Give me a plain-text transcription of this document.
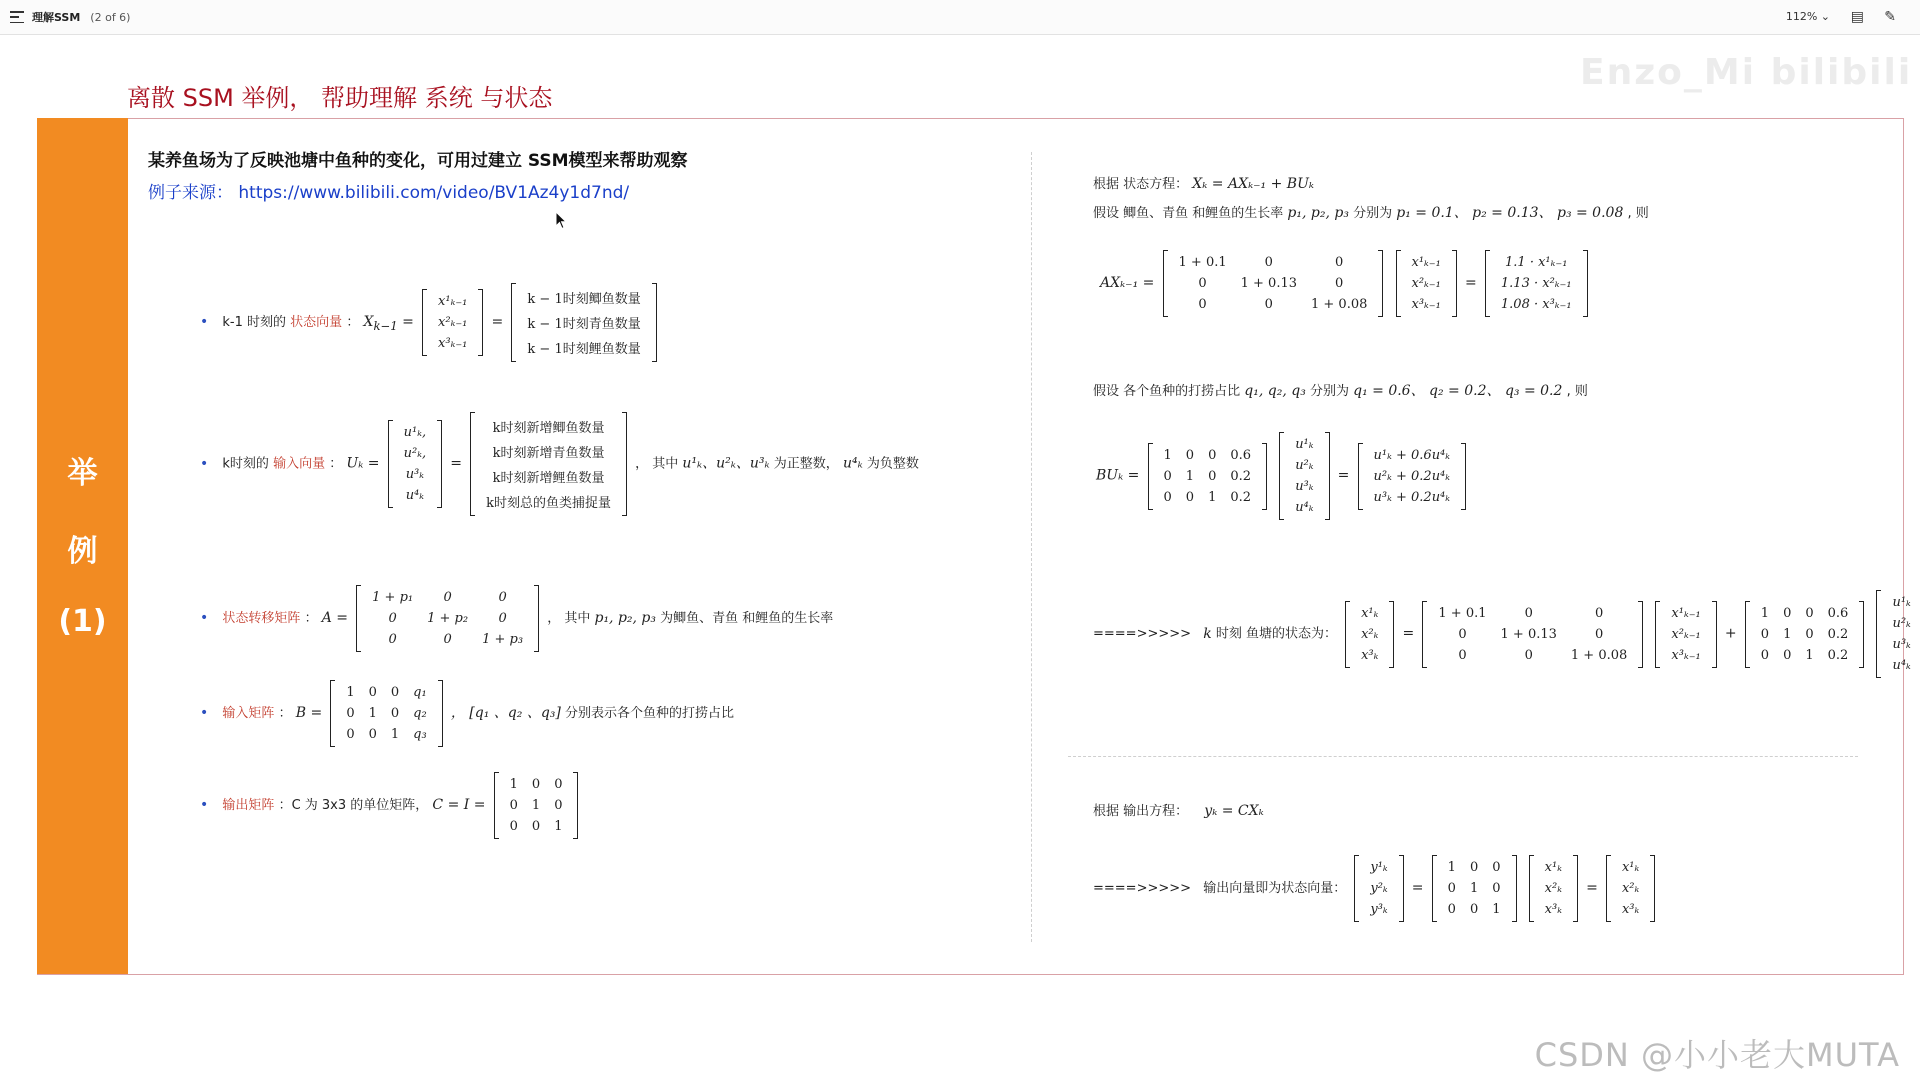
理解SSM (2 of 6)	112% ⌄ ▤ ✎
离散 SSM 举例， 帮助理解 系统 与状态
Enzo_Mi bilibili
举
例
(1)
某养鱼场为了反映池塘中鱼种的变化，可用过建立 SSM模型来帮助观察
例子来源： https://www.bilibili.com/video/BV1Az4y1d7nd/
• k-1 时刻的 状态向量 ： $X_{k-1}$ =
x¹ₖ₋₁
x²ₖ₋₁
x³ₖ₋₁
=
k − 1时刻鲫鱼数量
k − 1时刻青鱼数量
k − 1时刻鲤鱼数量
• k时刻的 输入向量 ： Uₖ =
u¹ₖ,
u²ₖ,
u³ₖ
u⁴ₖ
=
k时刻新增鲫鱼数量
k时刻新增青鱼数量
k时刻新增鲤鱼数量
k时刻总的鱼类捕捉量
， 其中 u¹ₖ、u²ₖ、u³ₖ 为正整数， u⁴ₖ 为负整数
• 状态转移矩阵 ： A =
1 + p₁	0	0
0	1 + p₂	0
0	0	1 + p₃
， 其中 p₁, p₂, p₃ 为鲫鱼、青鱼 和鲤鱼的生长率
• 输入矩阵 ： B =
1	0	0	q₁
0	1	0	q₂
0	0	1	q₃
， [q₁ 、q₂ 、q₃] 分别表示各个鱼种的打捞占比
• 输出矩阵 ：C 为 3x3 的单位矩阵， C = I =
1	0	0
0	1	0
0	0	1
根据 状态方程： Xₖ = AXₖ₋₁ + BUₖ
假设 鲫鱼、青鱼 和鲤鱼的生长率 p₁, p₂, p₃ 分别为 p₁ = 0.1、 p₂ = 0.13、 p₃ = 0.08 , 则
AXₖ₋₁ =
1 + 0.1	0	0
0	1 + 0.13	0
0	0	1 + 0.08

x¹ₖ₋₁
x²ₖ₋₁
x³ₖ₋₁
=
1.1 · x¹ₖ₋₁
1.13 · x²ₖ₋₁
1.08 · x³ₖ₋₁
假设 各个鱼种的打捞占比 q₁, q₂, q₃ 分别为 q₁ = 0.6、 q₂ = 0.2、 q₃ = 0.2 , 则
BUₖ =
1	0	0	0.6
0	1	0	0.2
0	0	1	0.2

u¹ₖ
u²ₖ
u³ₖ
u⁴ₖ
=
u¹ₖ + 0.6u⁴ₖ
u²ₖ + 0.2u⁴ₖ
u³ₖ + 0.2u⁴ₖ
====>>>>> k 时刻 鱼塘的状态为：
x¹ₖ
x²ₖ
x³ₖ
=
1 + 0.1	0	0
0	1 + 0.13	0
0	0	1 + 0.08

x¹ₖ₋₁
x²ₖ₋₁
x³ₖ₋₁
+
1	0	0	0.6
0	1	0	0.2
0	0	1	0.2

u¹ₖ
u²ₖ
u³ₖ
u⁴ₖ
根据 输出方程： yₖ = CXₖ
====>>>>> 输出向量即为状态向量：
y¹ₖ
y²ₖ
y³ₖ
=
1	0	0
0	1	0
0	0	1

x¹ₖ
x²ₖ
x³ₖ
=
x¹ₖ
x²ₖ
x³ₖ
CSDN @小小老大MUTA
